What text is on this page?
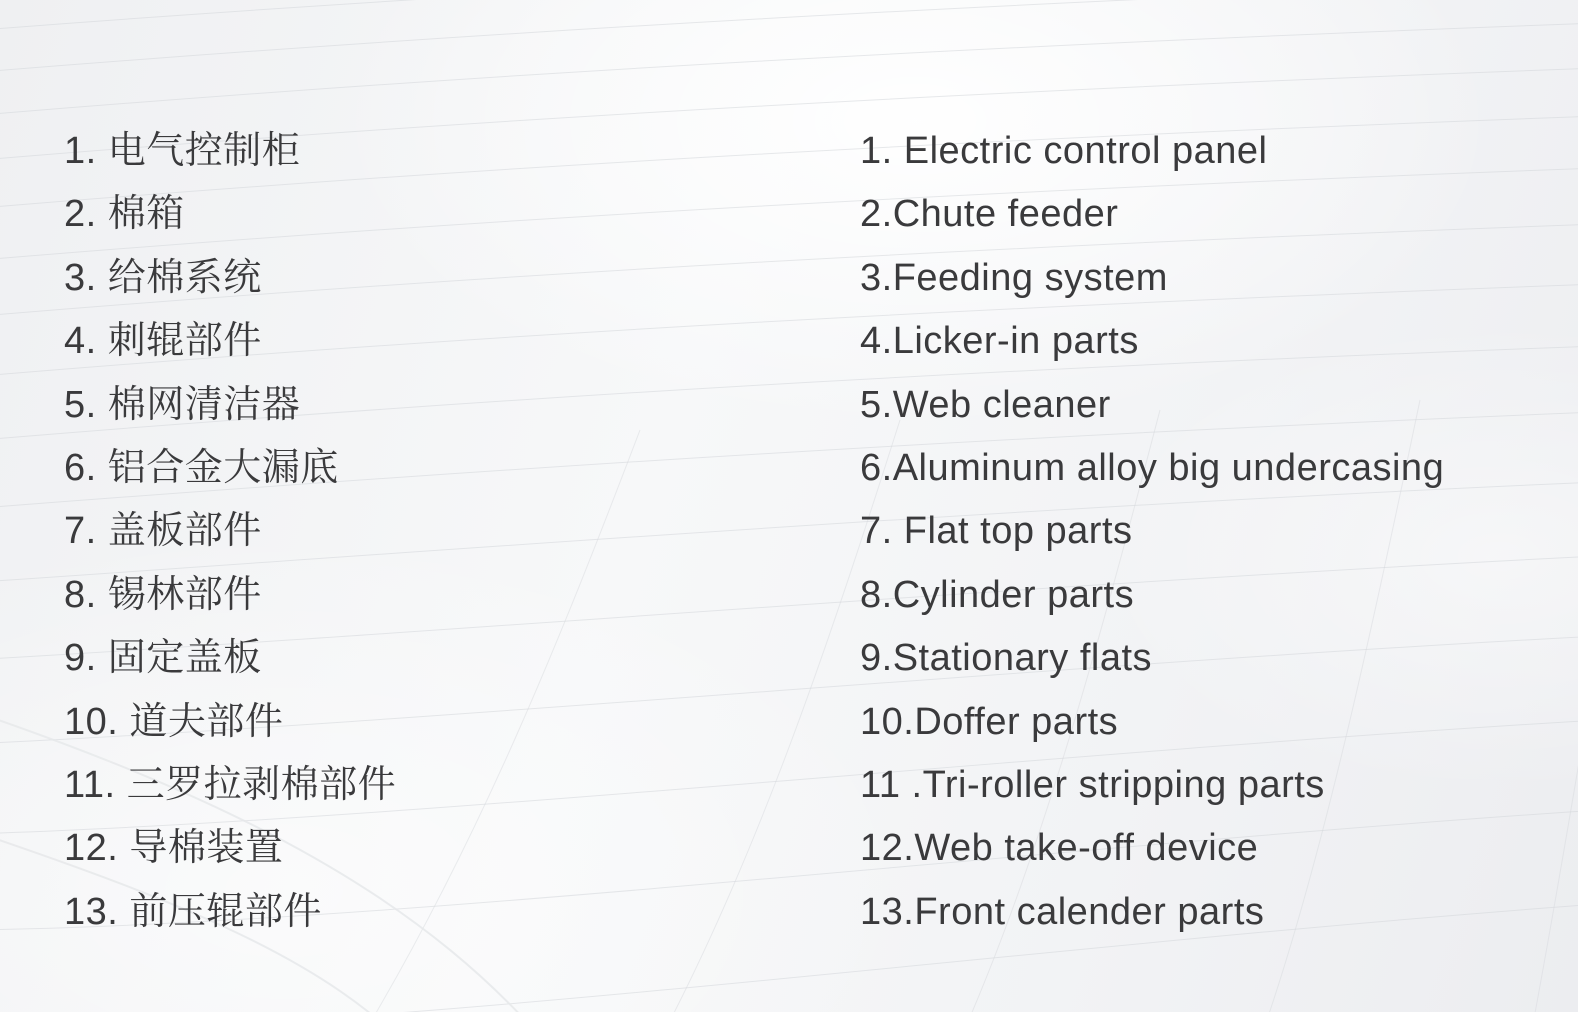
1. 电气控制柜
2. 棉箱
3. 给棉系统
4. 刺辊部件
5. 棉网清洁器
6. 铝合金大漏底
7. 盖板部件
8. 锡林部件
9. 固定盖板
10. 道夫部件
11. 三罗拉剥棉部件
12. 导棉装置
13. 前压辊部件
1. Electric control panel
2.Chute feeder
3.Feeding system
4.Licker-in parts
5.Web cleaner
6.Aluminum alloy big undercasing
7. Flat top parts
8.Cylinder parts
9.Stationary flats
10.Doffer parts
11 .Tri-roller stripping parts
12.Web take-off device
13.Front calender parts
